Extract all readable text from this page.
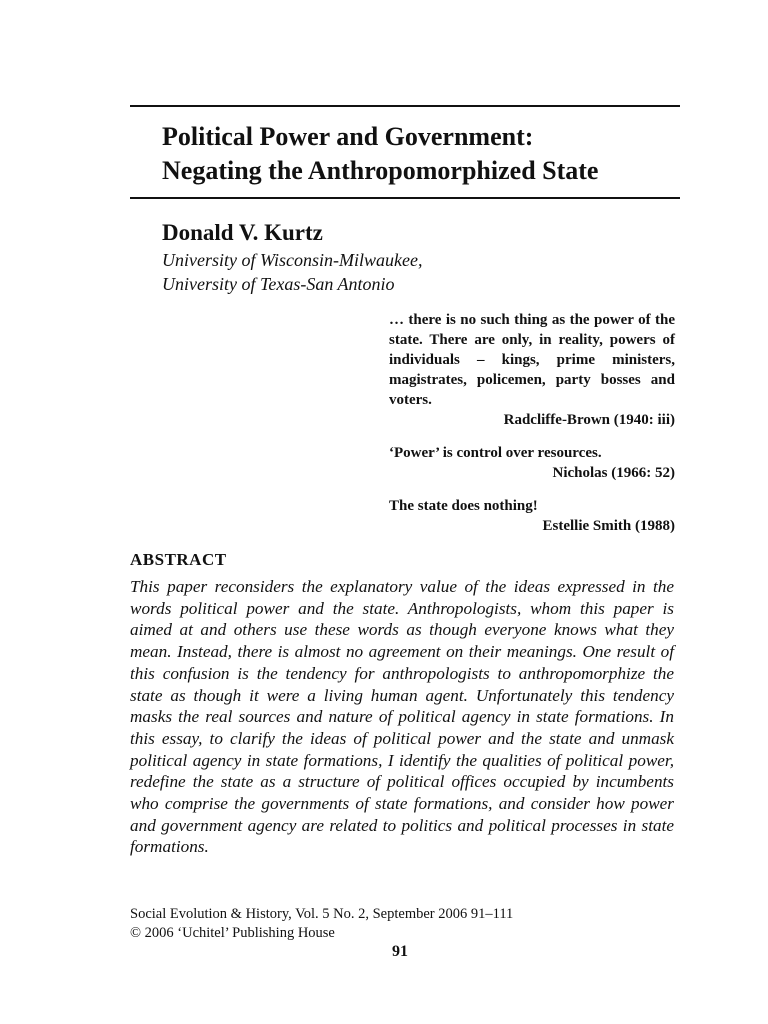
Political Power and Government:
Negating the Anthropomorphized State
Donald V. Kurtz
University of Wisconsin-Milwaukee,
University of Texas-San Antonio
… there is no such thing as the power of the state. There are only, in reality, powers of individuals – kings, prime ministers, magistrates, policemen, party bosses and voters.
Radcliffe-Brown (1940: iii)
‘Power’ is control over resources.
Nicholas (1966: 52)
The state does nothing!
Estellie Smith (1988)
ABSTRACT
This paper reconsiders the explanatory value of the ideas expressed in the words political power and the state. Anthropologists, whom this paper is aimed at and others use these words as though everyone knows what they mean. Instead, there is almost no agreement on their meanings. One result of this confusion is the tendency for anthropologists to anthropomorphize the state as though it were a living human agent. Unfortunately this tendency masks the real sources and nature of political agency in state formations. In this essay, to clarify the ideas of political power and the state and unmask political agency in state formations, I identify the qualities of political power, redefine the state as a structure of political offices occupied by incumbents who comprise the governments of state formations, and consider how power and government agency are related to politics and political processes in state formations.
Social Evolution & History, Vol. 5 No. 2, September 2006 91–111
© 2006 ‘Uchitel’ Publishing House
91
